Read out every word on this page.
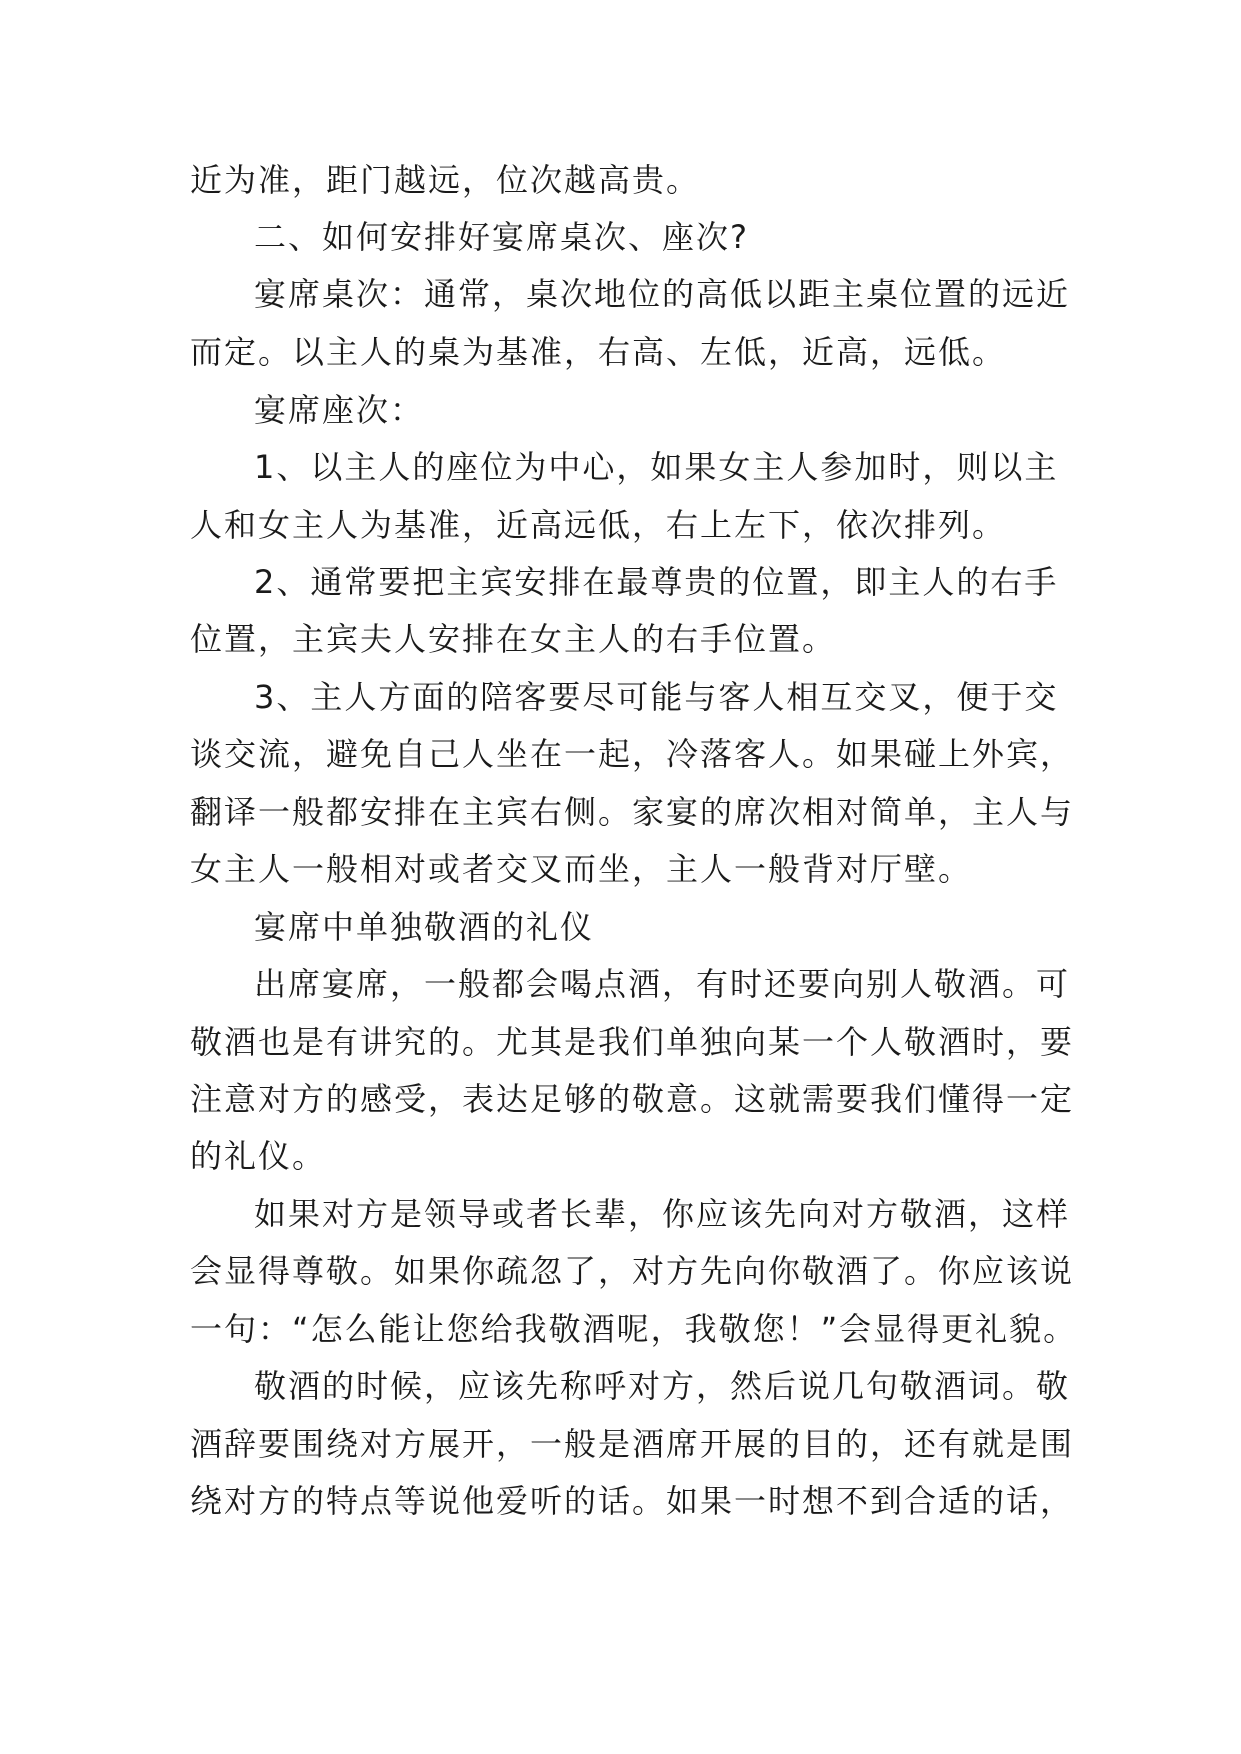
近为准，距门越远，位次越高贵。
二、如何安排好宴席桌次、座次?
宴席桌次：通常，桌次地位的高低以距主桌位置的远近
而定。以主人的桌为基准，右高、左低，近高，远低。
宴席座次：
1、以主人的座位为中心，如果女主人参加时，则以主
人和女主人为基准，近高远低，右上左下，依次排列。
2、通常要把主宾安排在最尊贵的位置，即主人的右手
位置，主宾夫人安排在女主人的右手位置。
3、主人方面的陪客要尽可能与客人相互交叉，便于交
谈交流，避免自己人坐在一起，冷落客人。如果碰上外宾，
翻译一般都安排在主宾右侧。家宴的席次相对简单，主人与
女主人一般相对或者交叉而坐，主人一般背对厅壁。
宴席中单独敬酒的礼仪
出席宴席，一般都会喝点酒，有时还要向别人敬酒。可
敬酒也是有讲究的。尤其是我们单独向某一个人敬酒时，要
注意对方的感受，表达足够的敬意。这就需要我们懂得一定
的礼仪。
如果对方是领导或者长辈，你应该先向对方敬酒，这样
会显得尊敬。如果你疏忽了，对方先向你敬酒了。你应该说
一句：“怎么能让您给我敬酒呢，我敬您！”会显得更礼貌。
敬酒的时候，应该先称呼对方，然后说几句敬酒词。敬
酒辞要围绕对方展开，一般是酒席开展的目的，还有就是围
绕对方的特点等说他爱听的话。如果一时想不到合适的话，
